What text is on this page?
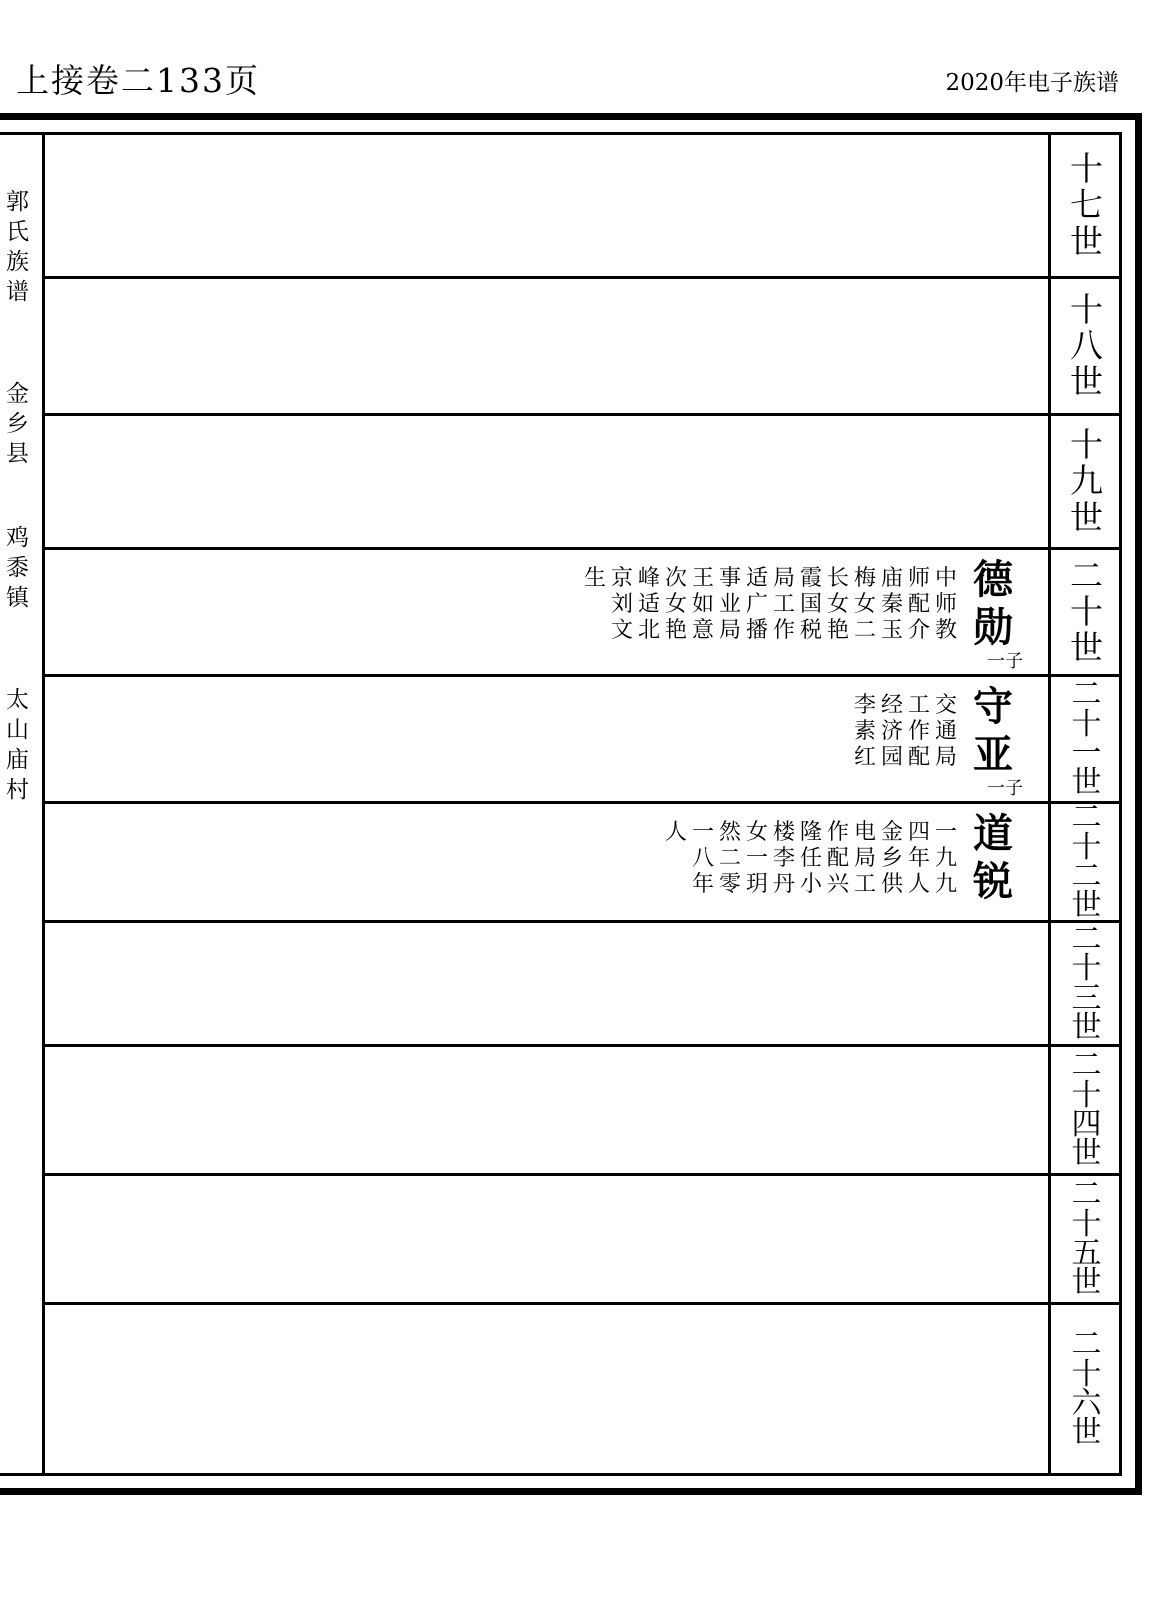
上接卷二133页	2020年电子族谱
郭
氏
族
谱
金
乡
县
鸡
黍
镇
太
山
庙
村
十
七
世
十
八
世
十
九
世
二
十
世
生京峰次王事适局霞长梅庙师中
刘适女如业广工国女女秦配师
文北艳意局播作税艳二玉介教
德
勋
一子
二
十
一
世
李经工交
素济作通
红园配局
守
亚
一子
二
十
二
世
人一然女楼隆作电金四一
八二一李任配局乡年九
年零玥丹小兴工供人九
道
锐
二
十
三
世
二
十
四
世
二
十
五
世
二
十
六
世
